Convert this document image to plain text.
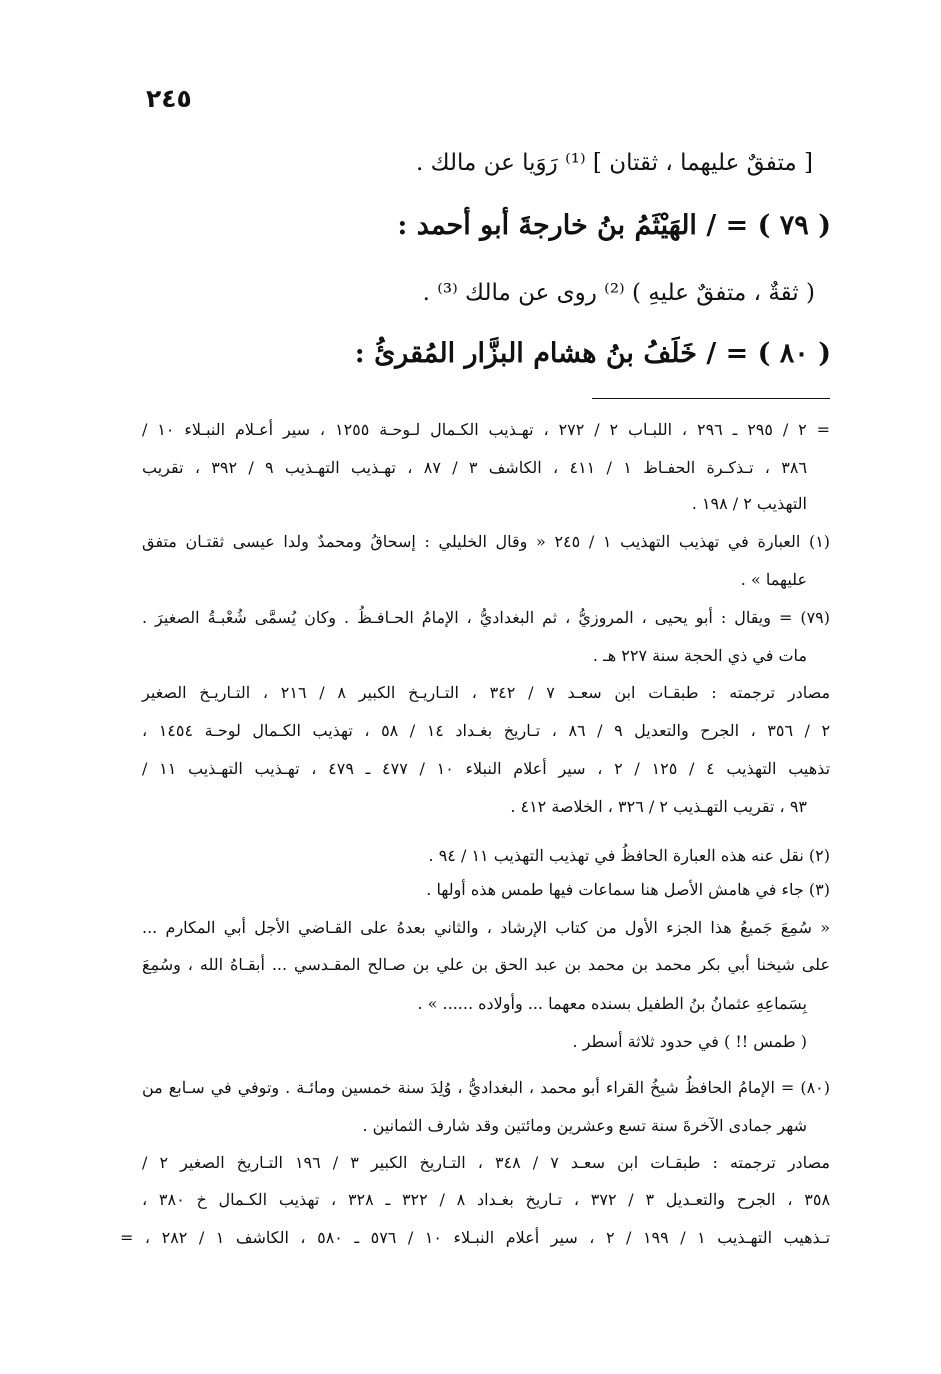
٢٤٥
[ متفقٌ عليهما ، ثقتان ] ⁽¹⁾ رَوَيا عن مالك .
( ٧٩ ) = / الهَيْثَمُ بنُ خارجةَ أبو أحمد :
( ثقةٌ ، متفقٌ عليهِ ) ⁽²⁾ روى عن مالك ⁽³⁾ .
( ٨٠ ) = / خَلَفُ بنُ هشام البزَّار المُقرئُ :
= ٢ / ٢٩٥ ـ ٢٩٦ ، اللبـاب ٢ / ٢٧٢ ، تهـذيب الكـمال لـوحـة ١٢٥٥ ، سير أعـلام النبـلاء ١٠ /
٣٨٦ ، تـذكـرة الحفـاظ ١ / ٤١١ ، الكاشف ٣ / ٨٧ ، تهـذيب التهـذيب ٩ / ٣٩٢ ، تقريب
التهذيب ٢ / ١٩٨ .
(١) العبارة في تهذيب التهذيب ١ / ٢٤٥ « وقال الخليلي : إسحاقُ ومحمدٌ ولدا عيسى ثقتـان متفق
عليهما » .
(٧٩) = ويقال : أبو يحيى ، المروزيُّ ، ثم البغداديُّ ، الإمامُ الحـافـظُ . وكان يُسمَّى شُعْبـةُ الصغيرَ .
مات في ذي الحجة سنة ٢٢٧ هـ .
مصادر ترجمته : طبقـات ابن سعـد ٧ / ٣٤٢ ، التـاريـخ الكبير ٨ / ٢١٦ ، التـاريـخ الصغير
٢ / ٣٥٦ ، الجرح والتعديل ٩ / ٨٦ ، تـاريخ بغـداد ١٤ / ٥٨ ، تهذيب الكـمال لوحـة ١٤٥٤ ،
تذهيب التهذيب ٤ / ١٢٥ / ٢ ، سير أعلام النبلاء ١٠ / ٤٧٧ ـ ٤٧٩ ، تهـذيب التهـذيب ١١ /
٩٣ ، تقريب التهـذيب ٢ / ٣٢٦ ، الخلاصة ٤١٢ .
(٢) نقل عنه هذه العبارة الحافظُ في تهذيب التهذيب ١١ / ٩٤ .
(٣) جاء في هامش الأصل هنا سماعات فيها طمس هذه أولها .
« سُمِعَ جَميعُ هذا الجزء الأول من كتاب الإرشاد ، والثاني بعدهُ على القـاضي الأجل أبي المكارم ...
على شيخنا أبي بكر محمد بن محمد بن عبد الحق بن علي بن صـالح المقـدسي ... أبقـاهُ الله ، وسُمِعَ
بِسَماعِهِ عثمانُ بنُ الطفيل بسنده معهما ... وأولاده ...... » .
( طمس !! ) في حدود ثلاثة أسطر .
(٨٠) = الإمامُ الحافظُ شيخُ القراء أبو محمد ، البغداديُّ ، وُلِدَ سنة خمسين ومائـة . وتوفي في سـابع من
شهر جمادى الآخرةَ سنة تسع وعشرين ومائتين وقد شارف الثمانين .
مصادر ترجمته : طبقـات ابن سعـد ٧ / ٣٤٨ ، التـاريخ الكبير ٣ / ١٩٦ التـاريخ الصغير ٢ /
٣٥٨ ، الجرح والتعـديل ٣ / ٣٧٢ ، تـاريخ بغـداد ٨ / ٣٢٢ ـ ٣٢٨ ، تهذيب الكـمال خ ٣٨٠ ،
تـذهيب التهـذيب ١ / ١٩٩ / ٢ ، سير أعلام النبـلاء ١٠ / ٥٧٦ ـ ٥٨٠ ، الكاشف ١ / ٢٨٢ ، =
